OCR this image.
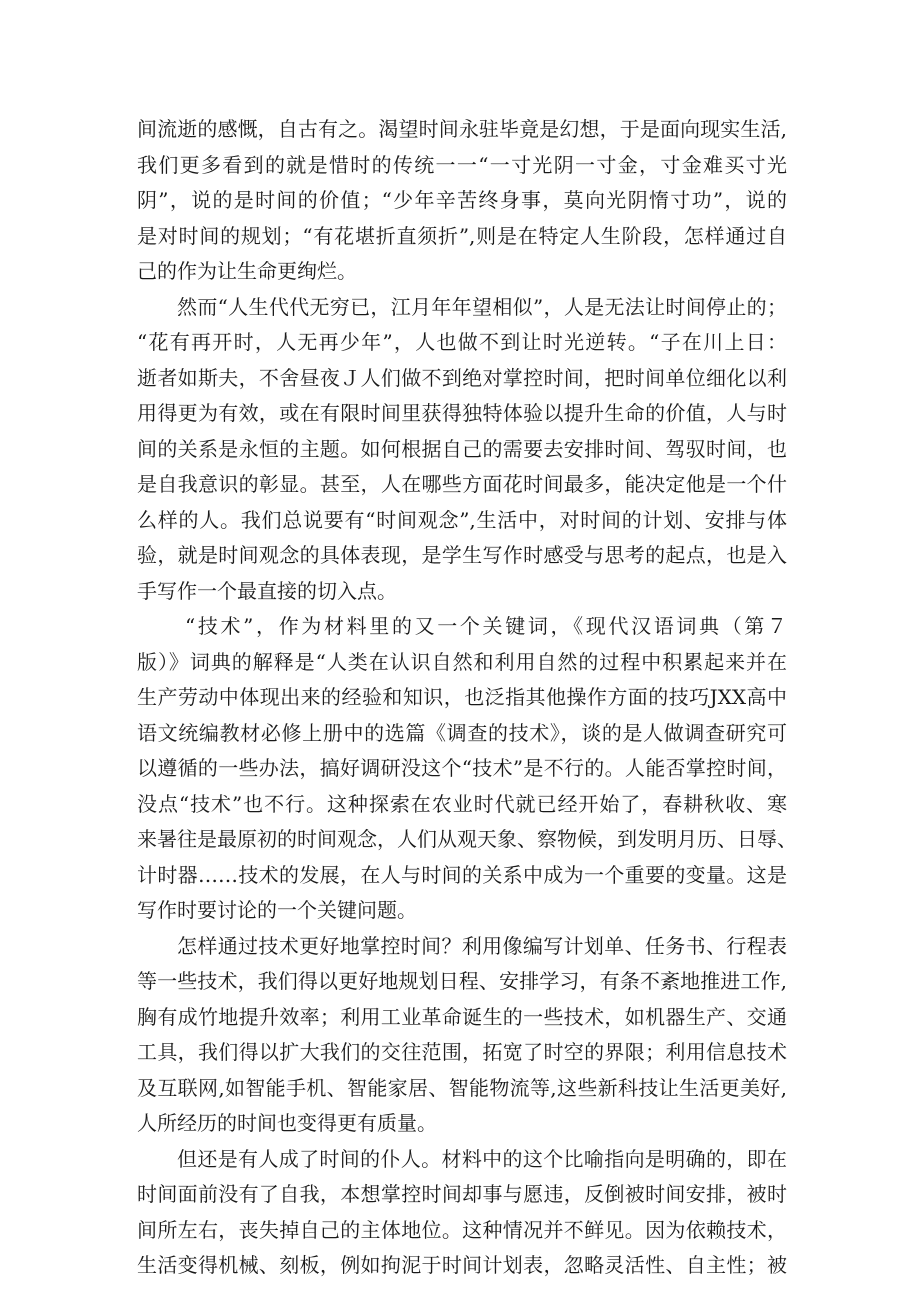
间流逝的感慨，自古有之。渴望时间永驻毕竟是幻想，于是面向现实生活,
我们更多看到的就是惜时的传统一一“一寸光阴一寸金，寸金难买寸光
阴”，说的是时间的价值；“少年辛苦终身事，莫向光阴惰寸功”，说的
是对时间的规划；“有花堪折直须折”,则是在特定人生阶段，怎样通过自
己的作为让生命更绚烂。
然而“人生代代无穷已，江月年年望相似”，人是无法让时间停止的；
“花有再开时，人无再少年”，人也做不到让时光逆转。“子在川上日：
逝者如斯夫，不舍昼夜Ｊ人们做不到绝对掌控时间，把时间单位细化以利
用得更为有效，或在有限时间里获得独特体验以提升生命的价值，人与时
间的关系是永恒的主题。如何根据自己的需要去安排时间、驾驭时间，也
是自我意识的彰显。甚至，人在哪些方面花时间最多，能决定他是一个什
么样的人。我们总说要有“时间观念”,生活中，对时间的计划、安排与体
验，就是时间观念的具体表现，是学生写作时感受与思考的起点，也是入
手写作一个最直接的切入点。
“技术”，作为材料里的又一个关键词，《现代汉语词典（第７
版）》词典的解释是“人类在认识自然和利用自然的过程中积累起来并在
生产劳动中体现出来的经验和知识，也泛指其他操作方面的技巧JXX高中
语文统编教材必修上册中的选篇《调查的技术》，谈的是人做调查研究可
以遵循的一些办法，搞好调研没这个“技术”是不行的。人能否掌控时间，
没点“技术”也不行。这种探索在农业时代就已经开始了，春耕秋收、寒
来暑往是最原初的时间观念，人们从观天象、察物候，到发明月历、日辱、
计时器……技术的发展，在人与时间的关系中成为一个重要的变量。这是
写作时要讨论的一个关键问题。
怎样通过技术更好地掌控时间？利用像编写计划单、任务书、行程表
等一些技术，我们得以更好地规划日程、安排学习，有条不紊地推进工作,
胸有成竹地提升效率；利用工业革命诞生的一些技术，如机器生产、交通
工具，我们得以扩大我们的交往范围，拓宽了时空的界限；利用信息技术
及互联网,如智能手机、智能家居、智能物流等,这些新科技让生活更美好,
人所经历的时间也变得更有质量。
但还是有人成了时间的仆人。材料中的这个比喻指向是明确的，即在
时间面前没有了自我，本想掌控时间却事与愿违，反倒被时间安排，被时
间所左右，丧失掉自己的主体地位。这种情况并不鲜见。因为依赖技术，
生活变得机械、刻板，例如拘泥于时间计划表，忽略灵活性、自主性；被
